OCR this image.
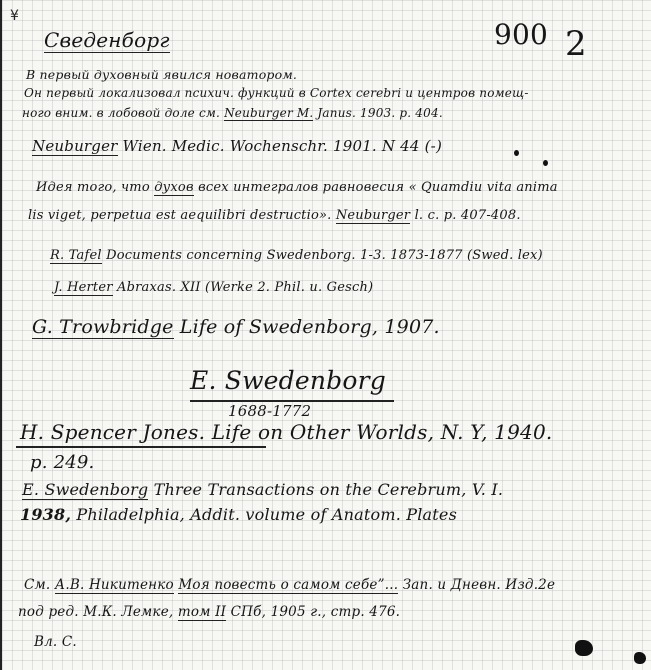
¥
Сведенборг	900 2
В первый духовный явился новатором.
Он первый локализовал психич. функций в Cortex cerebri и центров помещ-
ного вним. в лобовой доле см. Neuburger M. Janus. 1903. p. 404.
Neuburger Wien. Medic. Wochenschr. 1901. N 44 (-)
Идея того, что духов всех интегралов равновесия « Quamdiu vita anima
lis viget, perpetua est aequilibri destructio». Neuburger l. c. p. 407-408.
R. Tafel Documents concerning Swedenborg. 1-3. 1873-1877 (Swed. lex)
J. Herter Abraxas. XII (Werke 2. Phil. u. Gesch)
G. Trowbridge Life of Swedenborg, 1907.
E. Swedenborg
1688-1772
H. Spencer Jones. Life on Other Worlds, N. Y, 1940.
p. 249.
E. Swedenborg Three Transactions on the Cerebrum, V. I.
1938, Philadelphia, Addit. volume of Anatom. Plates
См. А.В. Никитенко Моя повесть о самом себе”... Зап. и Дневн. Изд.2е
под ред. М.К. Лемке, том II СПб, 1905 г., стр. 476.
Вл. С.
